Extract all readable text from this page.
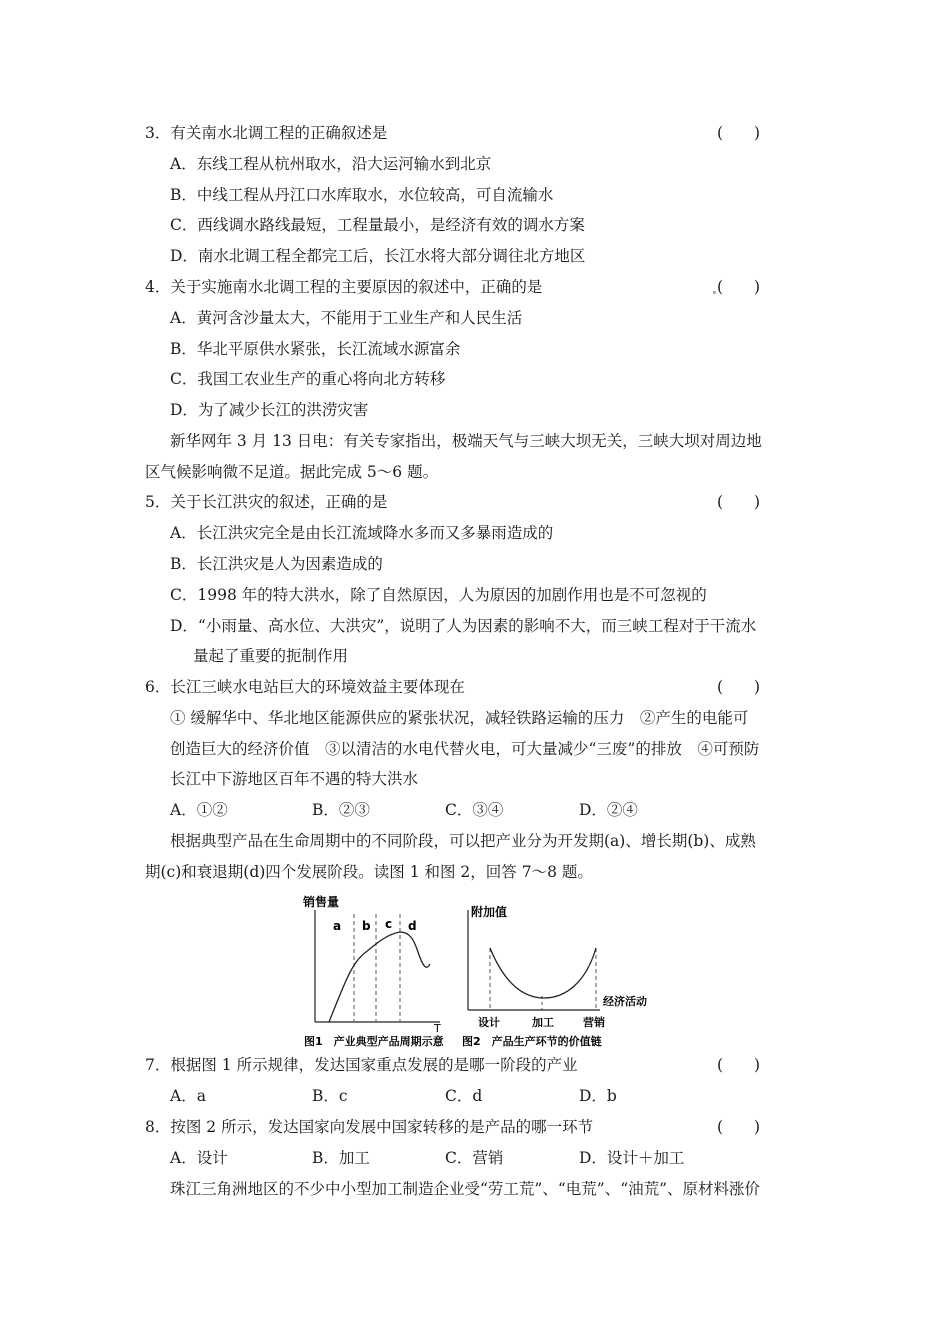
3．有关南水北调工程的正确叙述是	(　　)
A．东线工程从杭州取水，沿大运河输水到北京
B．中线工程从丹江口水库取水，水位较高，可自流输水
C．西线调水路线最短，工程量最小，是经济有效的调水方案
D．南水北调工程全都完工后，长江水将大部分调往北方地区
4．关于实施南水北调工程的主要原因的叙述中，正确的是	(　　)
A．黄河含沙量太大，不能用于工业生产和人民生活
B．华北平原供水紧张，长江流域水源富余
C．我国工农业生产的重心将向北方转移
D．为了减少长江的洪涝灾害
新华网年 3 月 13 日电：有关专家指出，极端天气与三峡大坝无关，三峡大坝对周边地
区气候影响微不足道。据此完成 5～6 题。
5．关于长江洪灾的叙述，正确的是	(　　)
A．长江洪灾完全是由长江流域降水多而又多暴雨造成的
B．长江洪灾是人为因素造成的
C．1998 年的特大洪水，除了自然原因，人为原因的加剧作用也是不可忽视的
D．“小雨量、高水位、大洪灾”，说明了人为因素的影响不大，而三峡工程对于干流水
量起了重要的扼制作用
6．长江三峡水电站巨大的环境效益主要体现在	(　　)
① 缓解华中、华北地区能源供应的紧张状况，减轻铁路运输的压力　②产生的电能可
创造巨大的经济价值　③以清洁的水电代替火电，可大量减少“三废”的排放　④可预防
长江中下游地区百年不遇的特大洪水
A．①②	B．②③	C．③④	D．②④
根据典型产品在生命周期中的不同阶段，可以把产业分为开发期(a)、增长期(b)、成熟
期(c)和衰退期(d)四个发展阶段。读图 1 和图 2，回答 7～8 题。
销售量
T
a b c d
图1　产业典型产品周期示意
附加值
经济活动
设计	加工	营销
图2　产品生产环节的价值链
7．根据图 1 所示规律，发达国家重点发展的是哪一阶段的产业	(　　)
A．a	B．c	C．d	D．b
8．按图 2 所示，发达国家向发展中国家转移的是产品的哪一环节	(　　)
A．设计	B．加工	C．营销	D．设计＋加工
珠江三角洲地区的不少中小型加工制造企业受“劳工荒”、“电荒”、“油荒”、原材料涨价
